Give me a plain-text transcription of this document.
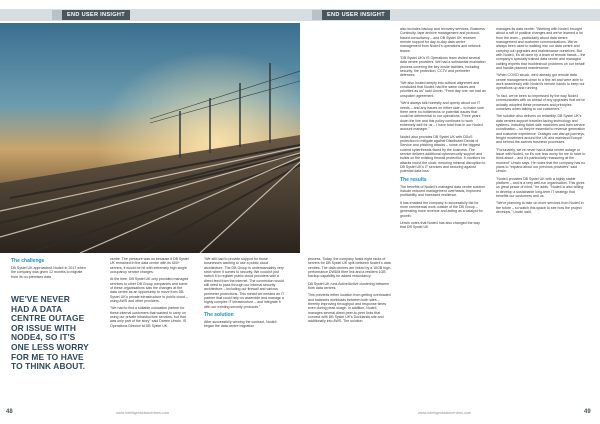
END USER INSIGHT
The challenge

DB Systel UK approached Node4 in 2017 when the company was given 12 months to migrate from its on-premises data

WE'VE NEVER HAD A DATA CENTRE OUTAGE OR ISSUE WITH NODE4, SO IT'S ONE LESS WORRY FOR ME TO HAVE TO THINK ABOUT.

centre. The pressure was on because if DB Systel UK remained in the data centre with its 600+ servers, it would be hit with extremely high single occupancy service charges.

At the time, DB Systel UK only provided managed services to other DB Group companies and some of these organisations saw the changes at the data centre as an opportunity to move from DB Systel UK's private infrastructure to public cloud – using AWS and other providers.

"We had to find a suitable colocation partner for these internal customers that wanted to carry on using our private infrastructure services, but that was only part of the story" said Darren Unwin, IS Operations Director at DB Systel UK.

"We still had to provide support for those businesses wanting to use a public cloud architecture. The DB Group is understandably very strict when it comes to security. We couldn't just switch it to register public cloud providers with a direct feed from the internet. The connection would still need to pass through our internal security architecture – including our firewall and various perimeter protections. This meant we needed an IT partner that could help us assemble and manage a highly complex IT infrastructure – and integrate it with our existing security protocols."

The solution

After successfully winning the contract, Node4 began the data centre migration

48	www.intelligentdatacentres.com
END USER INSIGHT

process. Today, the company hosts eight racks of servers for DB Systel UK split between Node4's data centres. The data centres are linked by a 10GB high-performance DWDM fibre link and a resilient 1GB backup capability for added redundancy.

DB Systel UK runs Active/Active clustering between both data centres.

This prevents either location from getting overloaded and balances workloads between both sites – thereby improving throughput and response times even during peak usage. In addition, Node4 manages several direct peer-to-peer links that connect with DB Systel UK's Docklands site and additionally into AWS. The solution

also includes backup and recovery services, Business Continuity, tape archive management and protocol-based consultancy – and DB Systel UK receives remote support for day-to-day data centre management from Node4's operations and network teams.

"DB Systel UK's IS Operations team visited several data centre providers. We had a substantial evaluation process covering the key onsite facilities, including security, fire protection, CCTV and perimeter defences.

"We also looked deeply into cultural alignment and concluded that Node4 had the same values and priorities as us" said Unwin. "From day one, we had an unspoken agreement.

"We'd always talk honestly and openly about our IT needs – and any issues on either side – to make sure there were no bottlenecks or potential issues that could be detrimental to our operations. Three years down the line and this policy continues to work extremely well for us – I have total trust in our Node4 account manager."

Node4 also provides DB Systel UK with DDoS protection to mitigate against Distributed Denial of Service and phishing attacks – some of the biggest current cyberthreats faced by the business. The service delivers additional cybersecurity support and builds on the existing firewall protection. It monitors for attacks round the clock, ensuring minimal disruption to DB Systel UK's IT services and securing against potential data loss.

The results

The benefits of Node4's managed data centre solution include reduced management overheads, improved profitability and increased resilience.

It has enabled the company to successfully bid for more commercial work outside of the DB Group – generating more revenue and acting as a catalyst for growth.

Unwin notes that Node4 has also changed the way that DB Systel UK

manages its data centre. "Working with Node4 brought about a raft of positive changes and we've learned a lot from the team – particularly about data centre management and customer communications. We've always been used to walking into our data centre and carrying out upgrades and maintenance ourselves. But with Node4, it's all done by a team of remote hands – the company's specially trained data centre and managed cabling experts that troubleshoot problems on our behalf and handle planned maintenance.

"When COVID struck, we'd already got remote data centre management down to a fine art and were able to work seamlessly with Node4's remote hands to keep our operations up and running.

"In fact, we've been so impressed by the way Node4 communicates with us ahead of any upgrades that we've actually adopted these processes and principles ourselves when talking to our customers."

The solution also delivers on reliability. DB Systel UK's data centres support traveller-facing technology and systems, including ticket sale machines and train service coordination – so they're essential to revenue generation and customer experience. Outages can disrupt journeys, freight movement around the UK and mainland Europe and behind-the-scenes business processes.

"Fortunately, we've never had a data centre outage or issue with Node4, so it's one less worry for me to have to think about – and it's particularly reassuring at the moment" Unwin says. He notes that the company has no plans to "expand about our previous providers" said Unwin.

"Node4 provides DB Systel UK with a highly stable platform – and is a very well-run organisation. This gives us great peace of mind," he adds. "Node4 is also willing to develop a sustainable long-term IT strategy that benefits our customers and us.

"We're planning to take on more services from Node4 in the future – so watch this space to see how the project develops," Unwin said.

www.intelligentdatacentres.com	49
